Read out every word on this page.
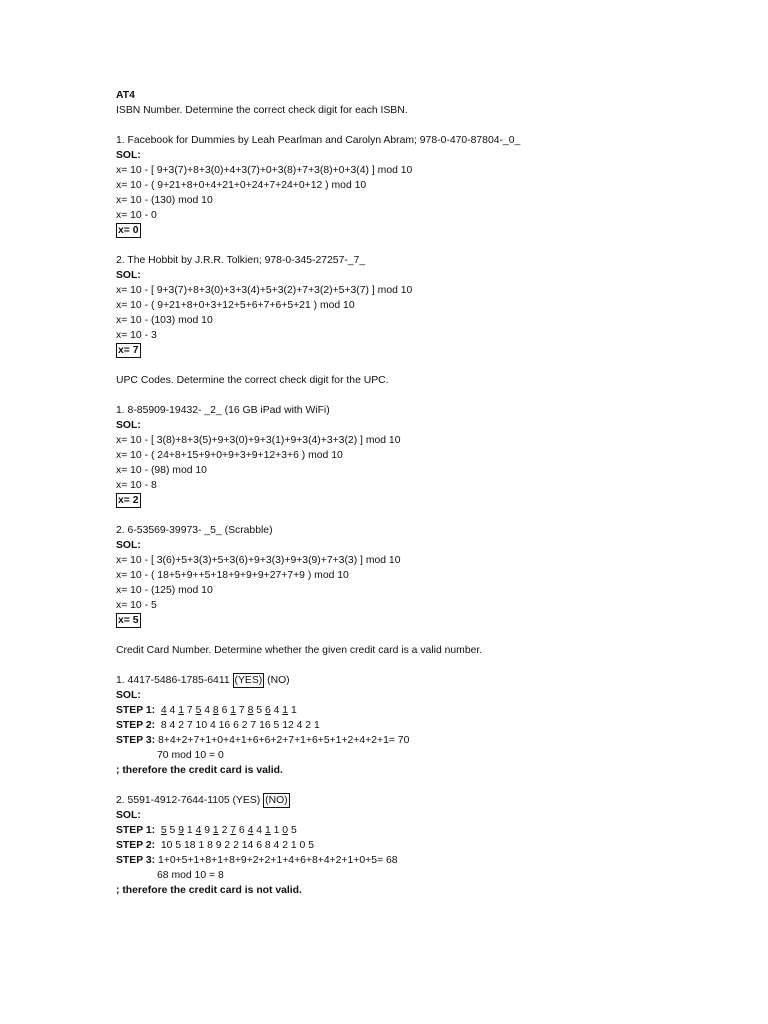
AT4
ISBN Number. Determine the correct check digit for each ISBN.
1. Facebook for Dummies by Leah Pearlman and Carolyn Abram; 978-0-470-87804-_0_
SOL:
x= 10 - [ 9+3(7)+8+3(0)+4+3(7)+0+3(8)+7+3(8)+0+3(4) ] mod 10
x= 10 - ( 9+21+8+0+4+21+0+24+7+24+0+12 ) mod 10
x= 10 - (130) mod 10
x= 10 - 0
x= 0
2. The Hobbit by J.R.R. Tolkien; 978-0-345-27257-_7_
SOL:
x= 10 - [ 9+3(7)+8+3(0)+3+3(4)+5+3(2)+7+3(2)+5+3(7) ] mod 10
x= 10 - ( 9+21+8+0+3+12+5+6+7+6+5+21 ) mod 10
x= 10 - (103) mod 10
x= 10 - 3
x= 7
UPC Codes. Determine the correct check digit for the UPC.
1. 8-85909-19432- _2_ (16 GB iPad with WiFi)
SOL:
x= 10 - [ 3(8)+8+3(5)+9+3(0)+9+3(1)+9+3(4)+3+3(2) ] mod 10
x= 10 - ( 24+8+15+9+0+9+3+9+12+3+6 ) mod 10
x= 10 - (98) mod 10
x= 10 - 8
x= 2
2. 6-53569-39973- _5_ (Scrabble)
SOL:
x= 10 - [ 3(6)+5+3(3)+5+3(6)+9+3(3)+9+3(9)+7+3(3) ] mod 10
x= 10 - ( 18+5+9++5+18+9+9+9+27+7+9 ) mod 10
x= 10 - (125) mod 10
x= 10 - 5
x= 5
Credit Card Number. Determine whether the given credit card is a valid number.
1. 4417-5486-1785-6411 (YES) (NO)
SOL:
STEP 1: 4 4 1 7 5 4 8 6 1 7 8 5 6 4 1 1
STEP 2: 8 4 2 7 10 4 16 6 2 7 16 5 12 4 2 1
STEP 3: 8+4+2+7+1+0+4+1+6+6+2+7+1+6+5+1+2+4+2+1= 70
70 mod 10 = 0
; therefore the credit card is valid.
2. 5591-4912-7644-1105 (YES) (NO)
SOL:
STEP 1: 5 5 9 1 4 9 1 2 7 6 4 4 1 1 0 5
STEP 2: 10 5 18 1 8 9 2 2 14 6 8 4 2 1 0 5
STEP 3: 1+0+5+1+8+1+8+9+2+2+1+4+6+8+4+2+1+0+5= 68
68 mod 10 = 8
; therefore the credit card is not valid.
